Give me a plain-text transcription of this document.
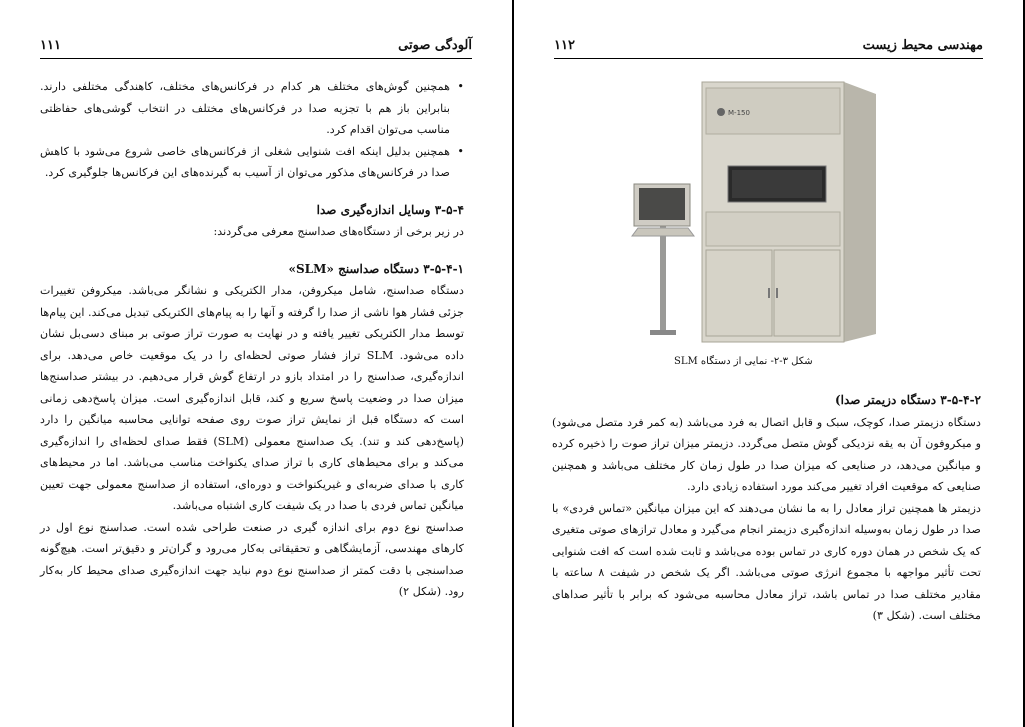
آلودگی صوتی
۱۱۱
•
همچنین گوش‌های مختلف هر کدام در فرکانس‌های مختلف، کاهندگی مختلفی دارند. بنابراین باز هم با تجزیه صدا در فرکانس‌های مختلف در انتخاب گوشی‌های حفاظتی مناسب می‌توان اقدام کرد.
•
همچنین بدلیل اینکه افت شنوایی شغلی از فرکانس‌های خاصی شروع می‌شود با کاهش صدا در فرکانس‌های مذکور می‌توان از آسیب به گیرنده‌های این فرکانس‌ها جلوگیری کرد.
۳-۵-۴ وسایل اندازه‌گیری صدا
در زیر برخی از دستگاه‌های صداسنج معرفی می‌گردند:
۳-۵-۴-۱ دستگاه صداسنج «SLM»
دستگاه صداسنج، شامل میکروفن، مدار الکتریکی و نشانگر می‌باشد. میکروفن تغییرات جزئی فشار هوا ناشی از صدا را گرفته و آنها را به پیام‌های الکتریکی تبدیل می‌کند. این پیام‌ها توسط مدار الکتریکی تغییر یافته و در نهایت به صورت تراز صوتی بر مبنای دسی‌بل نشان داده می‌شود. SLM تراز فشار صوتی لحظه‌ای را در یک موقعیت خاص می‌دهد. برای اندازه‌گیری، صداسنج را در امتداد بازو در ارتفاع گوش قرار می‌دهیم. در بیشتر صداسنج‌ها میزان صدا در وضعیت پاسخ سریع و کند، قابل اندازه‌گیری است. میزان پاسخ‌دهی زمانی است که دستگاه قبل از نمایش تراز صوت روی صفحه توانایی محاسبه میانگین را دارد (پاسخ‌دهی کند و تند). یک صداسنج معمولی (SLM) فقط صدای لحظه‌ای را اندازه‌گیری می‌کند و برای محیط‌های کاری با تراز صدای یکنواخت مناسب می‌باشد. اما در محیط‌های کاری با صدای ضربه‌ای و غیریکنواخت و دوره‌ای، استفاده از صداسنج معمولی جهت تعیین میانگین تماس فردی با صدا در یک شیفت کاری اشتباه می‌باشد.
صداسنج نوع دوم برای اندازه گیری در صنعت طراحی شده است. صداسنج نوع اول در کارهای مهندسی، آزمایشگاهی و تحقیقاتی به‌کار می‌رود و گران‌تر و دقیق‌تر است. هیچ‌گونه صداسنجی با دقت کمتر از صداسنج نوع دوم نباید جهت اندازه‌گیری صدای محیط کار به‌کار رود. (شکل ۲)
مهندسی محیط زیست
۱۱۲
M-150
شکل ۳-۲- نمایی از دستگاه SLM
۳-۵-۴-۲ دستگاه دزیمتر صدا)
دستگاه دزیمتر صدا، کوچک، سبک و قابل اتصال به فرد می‌باشد (به کمر فرد متصل می‌شود) و میکروفون آن به یقه نزدیکی گوش متصل می‌گردد. دزیمتر میزان تراز صوت را ذخیره کرده و میانگین می‌دهد، در صنایعی که میزان صدا در طول زمان کار مختلف می‌باشد و همچنین صنایعی که موقعیت افراد تغییر می‌کند مورد استفاده زیادی دارد.
دزیمتر ها همچنین تراز معادل را به ما نشان می‌دهند که این میزان میانگین «تماس فردی» با صدا در طول زمان به‌وسیله اندازه‌گیری دزیمتر انجام می‌گیرد و معادل ترازهای صوتی متغیری که یک شخص در همان دوره کاری در تماس بوده می‌باشد و ثابت شده است که افت شنوایی تحت تأثیر مواجهه با مجموع انرژی صوتی می‌باشد. اگر یک شخص در شیفت ۸ ساعته با مقادیر مختلف صدا در تماس باشد، تراز معادل محاسبه می‌شود که برابر با تأثیر صداهای مختلف است. (شکل ۳)
